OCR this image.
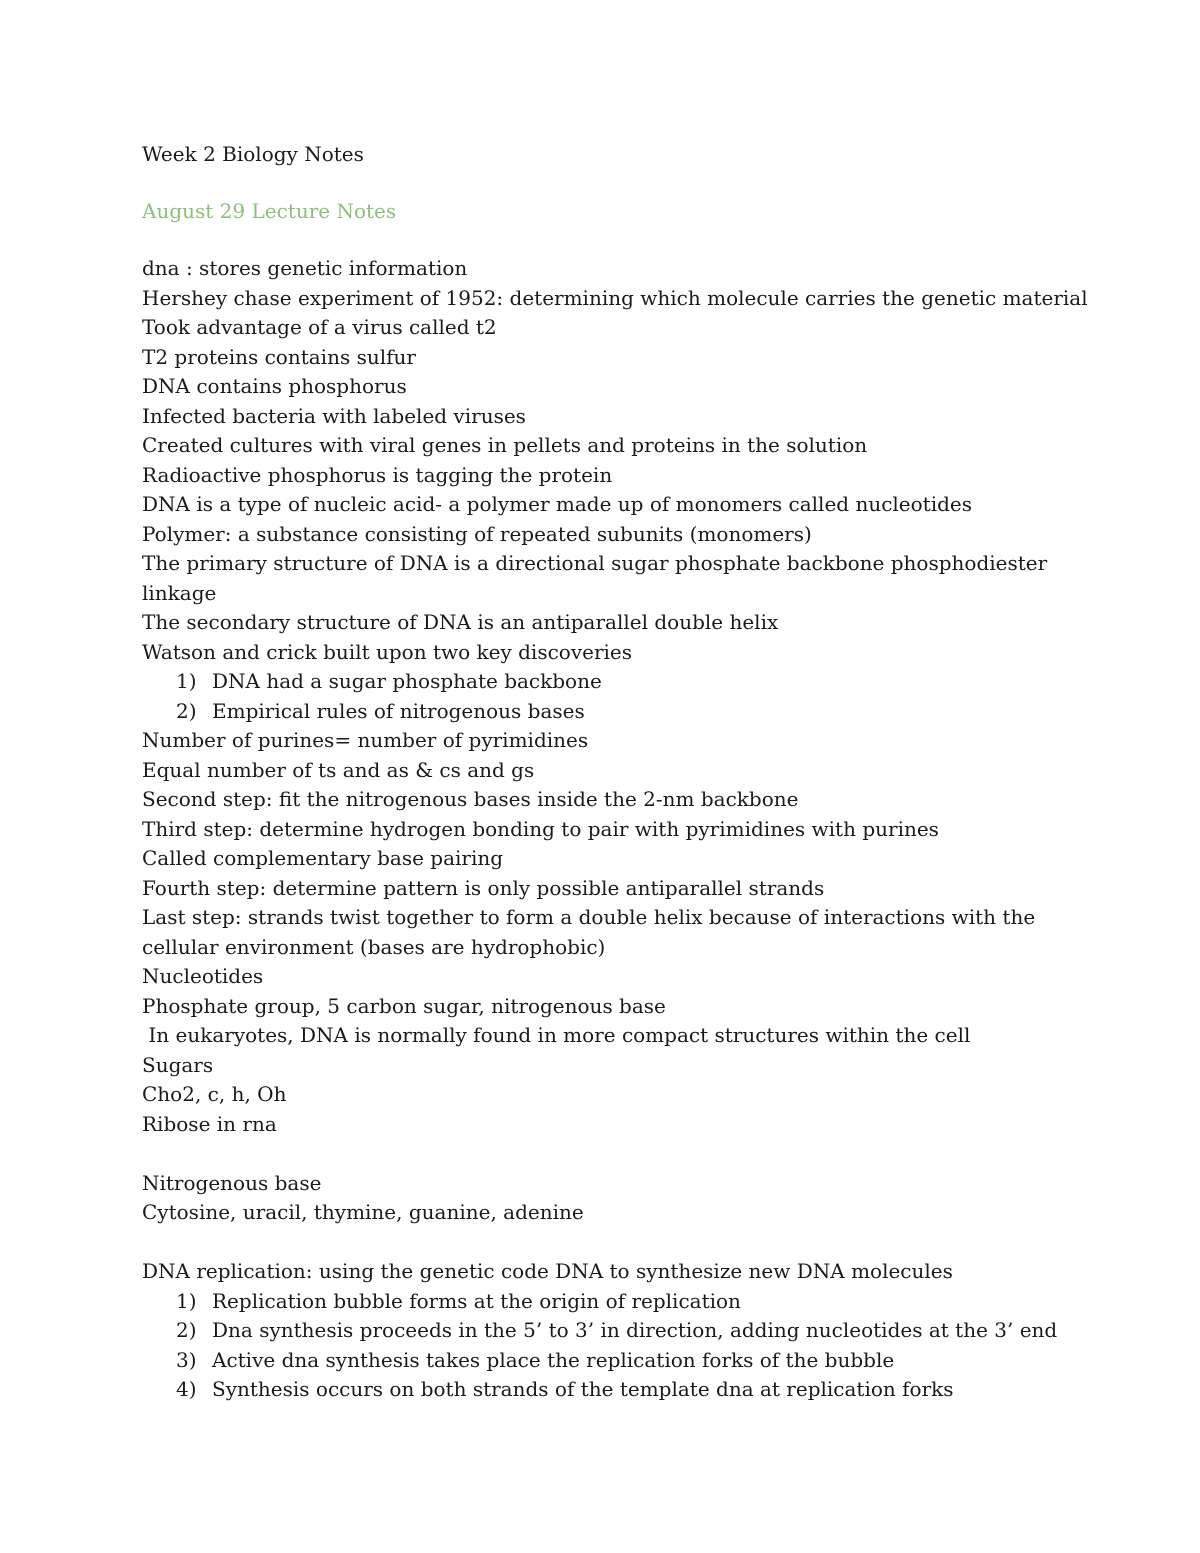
Week 2 Biology Notes
August 29 Lecture Notes
dna : stores genetic information
Hershey chase experiment of 1952: determining which molecule carries the genetic material
Took advantage of a virus called t2
T2 proteins contains sulfur
DNA contains phosphorus
Infected bacteria with labeled viruses
Created cultures with viral genes in pellets and proteins in the solution
Radioactive phosphorus is tagging the protein
DNA is a type of nucleic acid- a polymer made up of monomers called nucleotides
Polymer: a substance consisting of repeated subunits (monomers)
The primary structure of DNA is a directional sugar phosphate backbone phosphodiester
linkage
The secondary structure of DNA is an antiparallel double helix
Watson and crick built upon two key discoveries
1) DNA had a sugar phosphate backbone
2) Empirical rules of nitrogenous bases
Number of purines= number of pyrimidines
Equal number of ts and as & cs and gs
Second step: fit the nitrogenous bases inside the 2-nm backbone
Third step: determine hydrogen bonding to pair with pyrimidines with purines
Called complementary base pairing
Fourth step: determine pattern is only possible antiparallel strands
Last step: strands twist together to form a double helix because of interactions with the
cellular environment (bases are hydrophobic)
Nucleotides
Phosphate group, 5 carbon sugar, nitrogenous base
In eukaryotes, DNA is normally found in more compact structures within the cell
Sugars
Cho2, c, h, Oh
Ribose in rna
Nitrogenous base
Cytosine, uracil, thymine, guanine, adenine
DNA replication: using the genetic code DNA to synthesize new DNA molecules
1) Replication bubble forms at the origin of replication
2) Dna synthesis proceeds in the 5’ to 3’ in direction, adding nucleotides at the 3’ end
3) Active dna synthesis takes place the replication forks of the bubble
4) Synthesis occurs on both strands of the template dna at replication forks
